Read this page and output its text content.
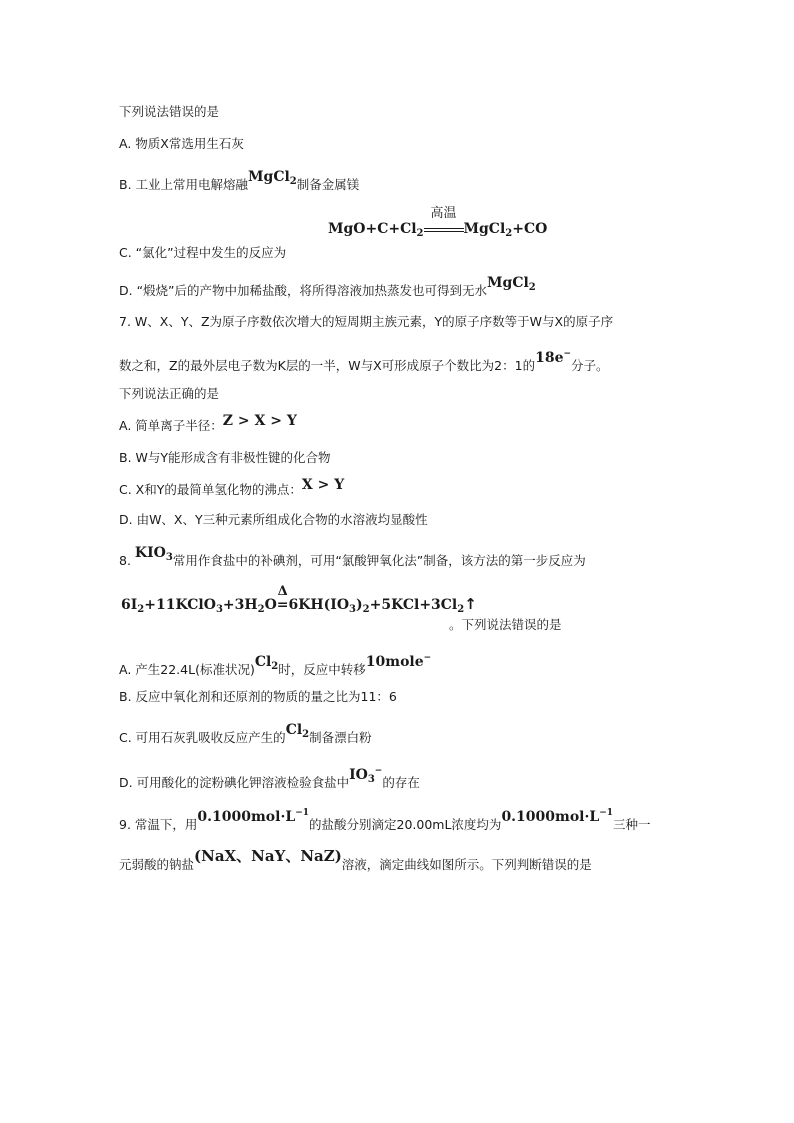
下列说法错误的是
A. 物质X常选用生石灰
B. 工业上常用电解熔融MgCl$_2$制备金属镁
$MgO+C+Cl_2$
高温
MgCl$_2$+CO
C. “氯化”过程中发生的反应为
D. “煅烧”后的产物中加稀盐酸，将所得溶液加热蒸发也可得到无水MgCl$_2$
7. W、X、Y、Z为原子序数依次增大的短周期主族元素，Y的原子序数等于W与X的原子序
数之和，Z的最外层电子数为K层的一半，W与X可形成原子个数比为2：1的18e−分子。
下列说法正确的是
A. 简单离子半径：Z > X > Y
B. W与Y能形成含有非极性键的化合物
C. X和Y的最简单氢化物的沸点：X > Y
D. 由W、X、Y三种元素所组成化合物的水溶液均显酸性
8. $KIO_3$常用作食盐中的补碘剂，可用“氯酸钾氧化法”制备，该方法的第一步反应为
$6I_2+11KClO_3+3H_2O$
Δ
$=6KH(IO_3)_2+5KCl+3Cl_2↑$
。下列说法错误的是
A. 产生22.4L(标准状况)$Cl_2$时，反应中转移10mole−
B. 反应中氧化剂和还原剂的物质的量之比为11：6
C. 可用石灰乳吸收反应产生的$Cl_2$制备漂白粉
D. 可用酸化的淀粉碘化钾溶液检验食盐中$IO_3^-$的存在
9. 常温下，用$0.1000mol\cdot L^{-1}$的盐酸分别滴定20.00mL浓度均为$0.1000mol\cdot L^{-1}$三种一
元弱酸的钠盐(NaX、NaY、NaZ)溶液，滴定曲线如图所示。下列判断错误的是
